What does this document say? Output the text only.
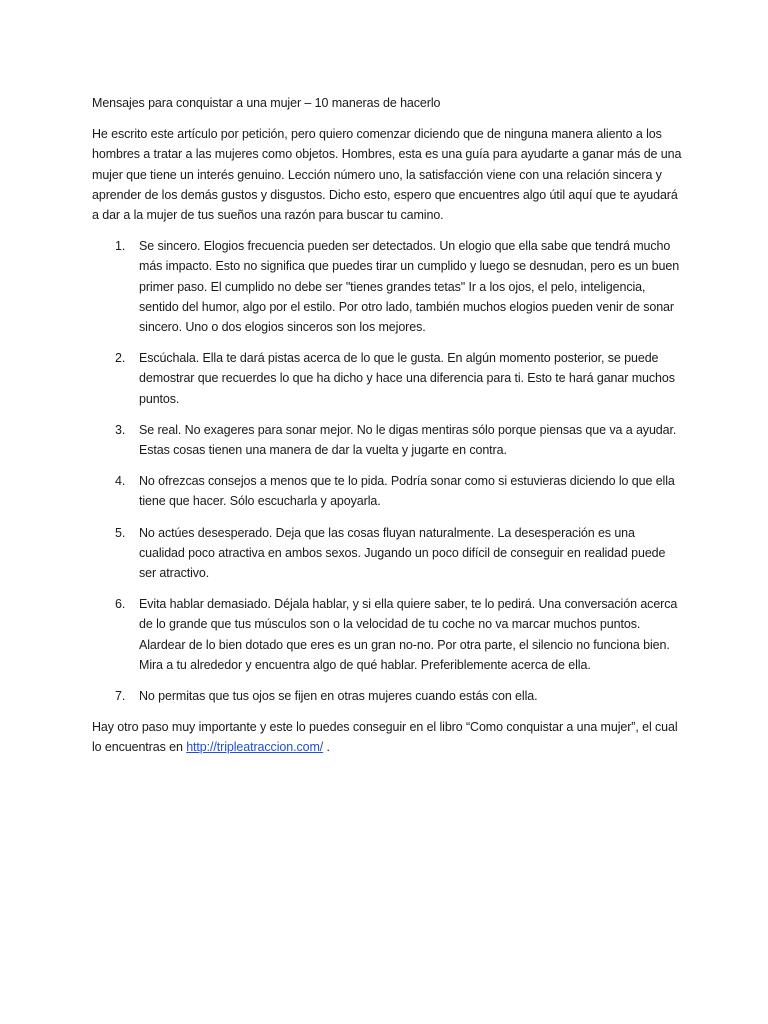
Mensajes para conquistar a una mujer – 10 maneras de hacerlo

He escrito este artículo por petición, pero quiero comenzar diciendo que de ninguna manera aliento a los hombres a tratar a las mujeres como objetos. Hombres, esta es una guía para ayudarte a ganar más de una mujer que tiene un interés genuino. Lección número uno, la satisfacción viene con una relación sincera y aprender de los demás gustos y disgustos. Dicho esto, espero que encuentres algo útil aquí que te ayudará a dar a la mujer de tus sueños una razón para buscar tu camino.

1.	Se sincero. Elogios frecuencia pueden ser detectados. Un elogio que ella sabe que tendrá mucho más impacto. Esto no significa que puedes tirar un cumplido y luego se desnudan, pero es un buen primer paso. El cumplido no debe ser "tienes grandes tetas" Ir a los ojos, el pelo, inteligencia, sentido del humor, algo por el estilo. Por otro lado, también muchos elogios pueden venir de sonar sincero. Uno o dos elogios sinceros son los mejores.
2.	Escúchala. Ella te dará pistas acerca de lo que le gusta. En algún momento posterior, se puede demostrar que recuerdes lo que ha dicho y hace una diferencia para ti. Esto te hará ganar muchos puntos.
3.	Se real. No exageres para sonar mejor. No le digas mentiras sólo porque piensas que va a ayudar. Estas cosas tienen una manera de dar la vuelta y jugarte en contra.
4.	No ofrezcas consejos a menos que te lo pida. Podría sonar como si estuvieras diciendo lo que ella tiene que hacer. Sólo escucharla y apoyarla.
5.	No actúes desesperado. Deja que las cosas fluyan naturalmente. La desesperación es una cualidad poco atractiva en ambos sexos. Jugando un poco difícil de conseguir en realidad puede ser atractivo.
6.	Evita hablar demasiado. Déjala hablar, y si ella quiere saber, te lo pedirá. Una conversación acerca de lo grande que tus músculos son o la velocidad de tu coche no va marcar muchos puntos. Alardear de lo bien dotado que eres es un gran no-no. Por otra parte, el silencio no funciona bien. Mira a tu alrededor y encuentra algo de qué hablar. Preferiblemente acerca de ella.
7.	No permitas que tus ojos se fijen en otras mujeres cuando estás con ella.

Hay otro paso muy importante y este lo puedes conseguir en el libro “Como conquistar a una mujer”, el cual lo encuentras en http://tripleatraccion.com/ .
